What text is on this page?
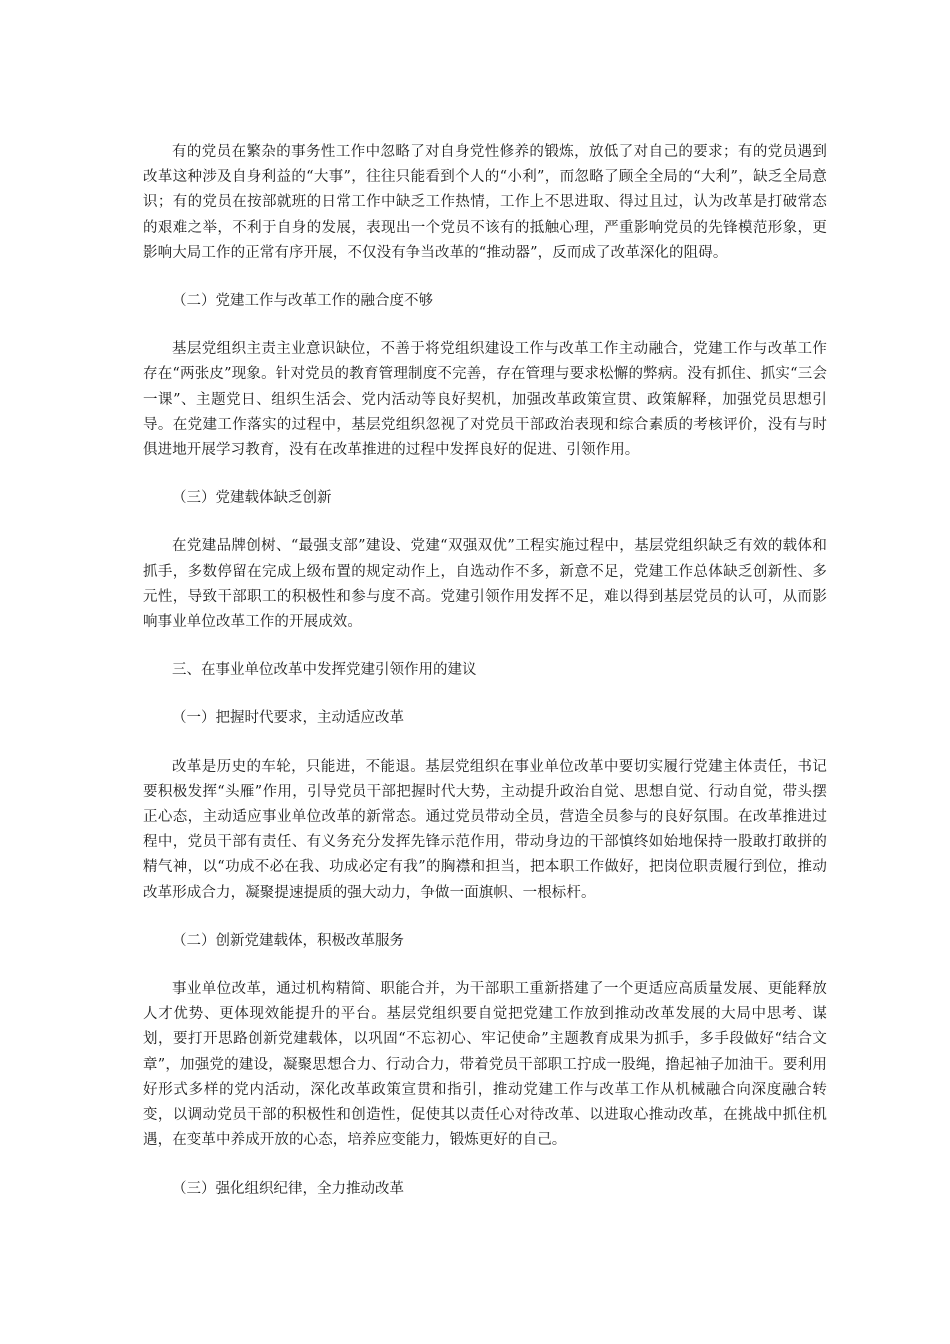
有的党员在繁杂的事务性工作中忽略了对自身党性修养的锻炼，放低了对自己的要求；有的党员遇到改革这种涉及自身利益的“大事”，往往只能看到个人的“小利”，而忽略了顾全全局的“大利”，缺乏全局意识；有的党员在按部就班的日常工作中缺乏工作热情，工作上不思进取、得过且过，认为改革是打破常态的艰难之举，不利于自身的发展，表现出一个党员不该有的抵触心理，严重影响党员的先锋模范形象，更影响大局工作的正常有序开展，不仅没有争当改革的“推动器”，反而成了改革深化的阻碍。

（二）党建工作与改革工作的融合度不够

基层党组织主责主业意识缺位，不善于将党组织建设工作与改革工作主动融合，党建工作与改革工作存在“两张皮”现象。针对党员的教育管理制度不完善，存在管理与要求松懈的弊病。没有抓住、抓实“三会一课”、主题党日、组织生活会、党内活动等良好契机，加强改革政策宣贯、政策解释，加强党员思想引导。在党建工作落实的过程中，基层党组织忽视了对党员干部政治表现和综合素质的考核评价，没有与时俱进地开展学习教育，没有在改革推进的过程中发挥良好的促进、引领作用。

（三）党建载体缺乏创新

在党建品牌创树、“最强支部”建设、党建“双强双优”工程实施过程中，基层党组织缺乏有效的载体和抓手，多数停留在完成上级布置的规定动作上，自选动作不多，新意不足，党建工作总体缺乏创新性、多元性，导致干部职工的积极性和参与度不高。党建引领作用发挥不足，难以得到基层党员的认可，从而影响事业单位改革工作的开展成效。

三、在事业单位改革中发挥党建引领作用的建议

（一）把握时代要求，主动适应改革

改革是历史的车轮，只能进，不能退。基层党组织在事业单位改革中要切实履行党建主体责任，书记要积极发挥“头雁”作用，引导党员干部把握时代大势，主动提升政治自觉、思想自觉、行动自觉，带头摆正心态，主动适应事业单位改革的新常态。通过党员带动全员，营造全员参与的良好氛围。在改革推进过程中，党员干部有责任、有义务充分发挥先锋示范作用，带动身边的干部慎终如始地保持一股敢打敢拼的精气神，以“功成不必在我、功成必定有我”的胸襟和担当，把本职工作做好，把岗位职责履行到位，推动改革形成合力，凝聚提速提质的强大动力，争做一面旗帜、一根标杆。

（二）创新党建载体，积极改革服务

事业单位改革，通过机构精简、职能合并，为干部职工重新搭建了一个更适应高质量发展、更能释放人才优势、更体现效能提升的平台。基层党组织要自觉把党建工作放到推动改革发展的大局中思考、谋划，要打开思路创新党建载体，以巩固“不忘初心、牢记使命”主题教育成果为抓手，多手段做好“结合文章”，加强党的建设，凝聚思想合力、行动合力，带着党员干部职工拧成一股绳，撸起袖子加油干。要利用好形式多样的党内活动，深化改革政策宣贯和指引，推动党建工作与改革工作从机械融合向深度融合转变，以调动党员干部的积极性和创造性，促使其以责任心对待改革、以进取心推动改革，在挑战中抓住机遇，在变革中养成开放的心态，培养应变能力，锻炼更好的自己。

（三）强化组织纪律，全力推动改革
